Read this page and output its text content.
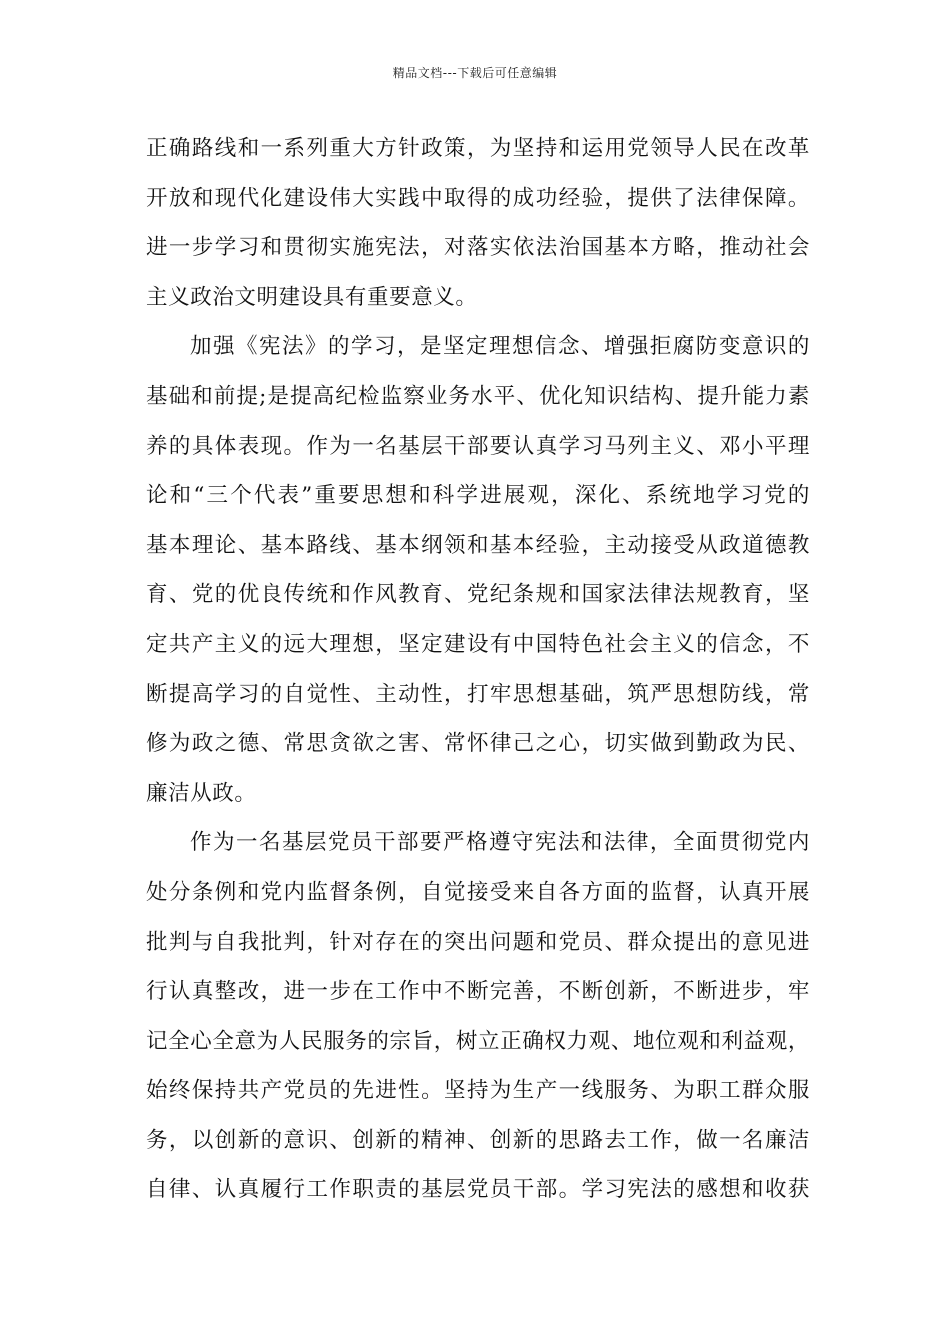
精品文档---下载后可任意编辑
正确路线和一系列重大方针政策，为坚持和运用党领导人民在改革
开放和现代化建设伟大实践中取得的成功经验，提供了法律保障。
进一步学习和贯彻实施宪法，对落实依法治国基本方略，推动社会
主义政治文明建设具有重要意义。
加强《宪法》的学习，是坚定理想信念、增强拒腐防变意识的
基础和前提;是提高纪检监察业务水平、优化知识结构、提升能力素
养的具体表现。作为一名基层干部要认真学习马列主义、邓小平理
论和“三个代表”重要思想和科学进展观，深化、系统地学习党的
基本理论、基本路线、基本纲领和基本经验，主动接受从政道德教
育、党的优良传统和作风教育、党纪条规和国家法律法规教育，坚
定共产主义的远大理想，坚定建设有中国特色社会主义的信念，不
断提高学习的自觉性、主动性，打牢思想基础，筑严思想防线，常
修为政之德、常思贪欲之害、常怀律己之心，切实做到勤政为民、
廉洁从政。
作为一名基层党员干部要严格遵守宪法和法律，全面贯彻党内
处分条例和党内监督条例，自觉接受来自各方面的监督，认真开展
批判与自我批判，针对存在的突出问题和党员、群众提出的意见进
行认真整改，进一步在工作中不断完善，不断创新，不断进步，牢
记全心全意为人民服务的宗旨，树立正确权力观、地位观和利益观，
始终保持共产党员的先进性。坚持为生产一线服务、为职工群众服
务，以创新的意识、创新的精神、创新的思路去工作，做一名廉洁
自律、认真履行工作职责的基层党员干部。学习宪法的感想和收获
